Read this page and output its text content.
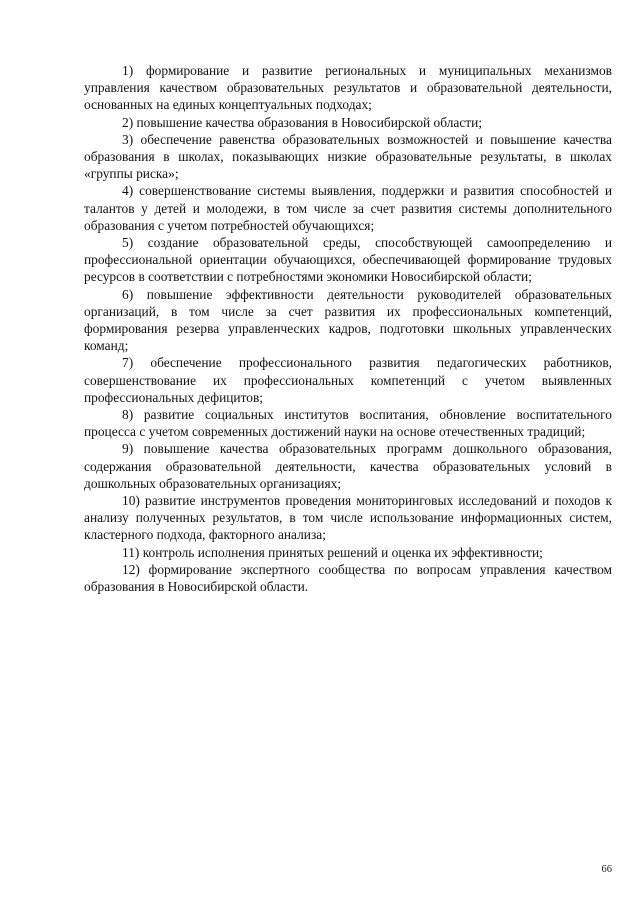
1) формирование и развитие региональных и муниципальных механизмов управления качеством образовательных результатов и образовательной деятельности, основанных на единых концептуальных подходах;

2) повышение качества образования в Новосибирской области;

3) обеспечение равенства образовательных возможностей и повышение качества образования в школах, показывающих низкие образовательные результаты, в школах «группы риска»;

4) совершенствование системы выявления, поддержки и развития способностей и талантов у детей и молодежи, в том числе за счет развития системы дополнительного образования с учетом потребностей обучающихся;

5) создание образовательной среды, способствующей самоопределению и профессиональной ориентации обучающихся, обеспечивающей формирование трудовых ресурсов в соответствии с потребностями экономики Новосибирской области;

6) повышение эффективности деятельности руководителей образовательных организаций, в том числе за счет развития их профессиональных компетенций, формирования резерва управленческих кадров, подготовки школьных управленческих команд;

7) обеспечение профессионального развития педагогических работников, совершенствование их профессиональных компетенций с учетом выявленных профессиональных дефицитов;

8) развитие социальных институтов воспитания, обновление воспитательного процесса с учетом современных достижений науки на основе отечественных традиций;

9) повышение качества образовательных программ дошкольного образования, содержания образовательной деятельности, качества образовательных условий в дошкольных образовательных организациях;

10) развитие инструментов проведения мониторинговых исследований и походов к анализу полученных результатов, в том числе использование информационных систем, кластерного подхода, факторного анализа;

11) контроль исполнения принятых решений и оценка их эффективности;

12) формирование экспертного сообщества по вопросам управления качеством образования в Новосибирской области.

66
